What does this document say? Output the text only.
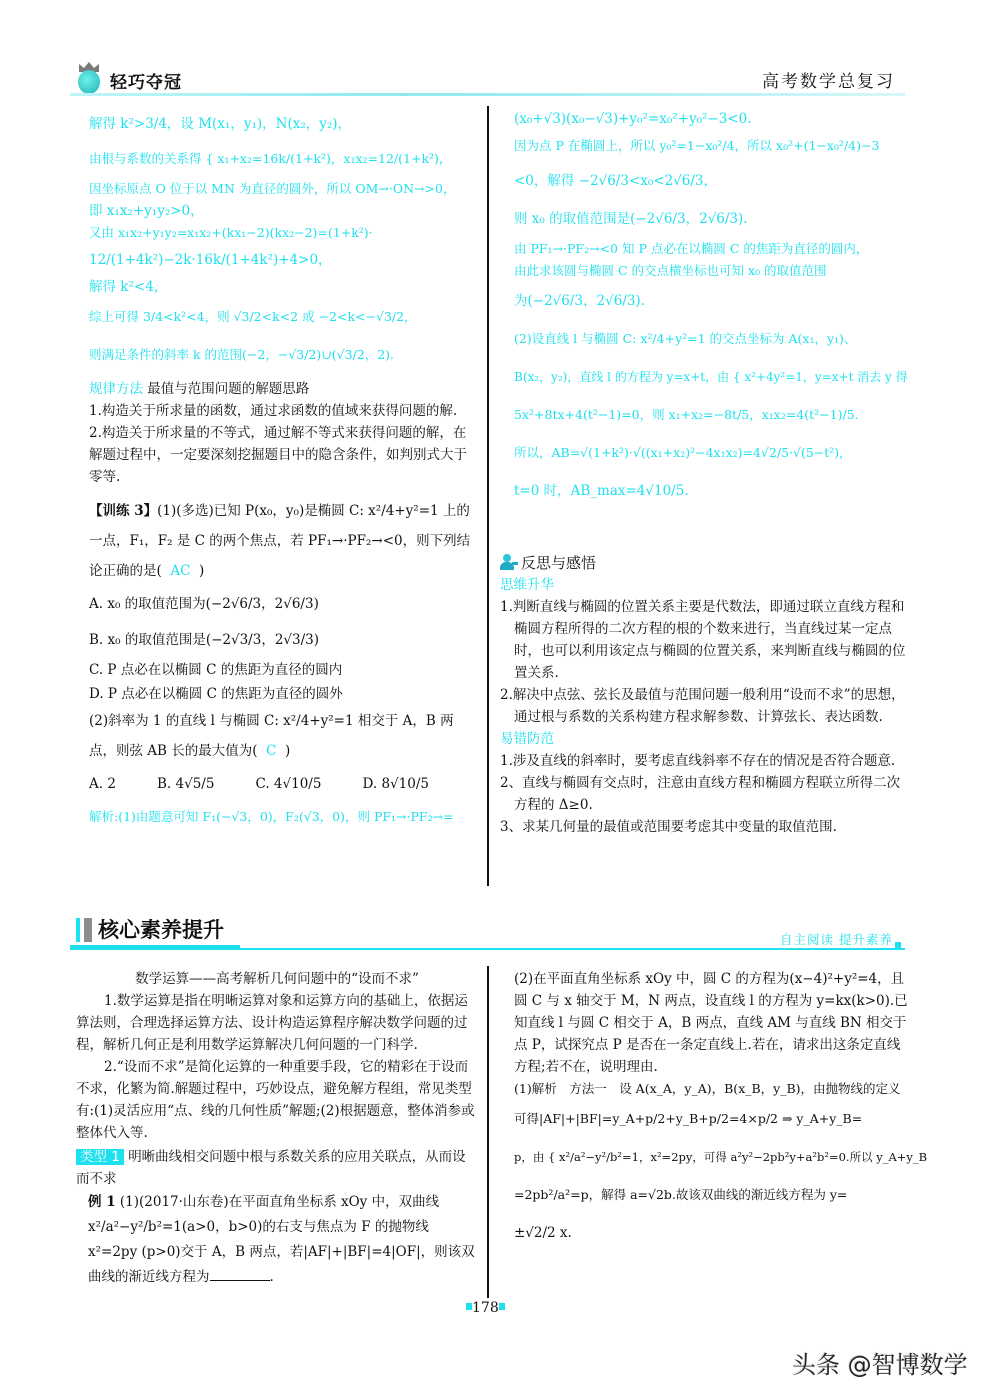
轻巧夺冠	高考数学总复习

解得 k²>3/4，设 M(x₁，y₁)，N(x₂，y₂)，

由根与系数的关系得 { x₁+x₂=16k/(1+k²)，x₁x₂=12/(1+k²)，

因坐标原点 O 位于以 MN 为直径的圆外，所以 OM→·ON→>0，

即 x₁x₂+y₁y₂>0，

又由 x₁x₂+y₁y₂=x₁x₂+(kx₁−2)(kx₂−2)=(1+k²)·

12/(1+4k²)−2k·16k/(1+4k²)+4>0，

解得 k²<4，

综上可得 3/4<k²<4，则 √3/2<k<2 或 −2<k<−√3/2，

则满足条件的斜率 k 的范围(−2，−√3/2)∪(√3/2，2).

规律方法 最值与范围问题的解题思路

1.构造关于所求量的函数，通过求函数的值域来获得问题的解.

2.构造关于所求量的不等式，通过解不等式来获得问题的解，在解题过程中，一定要深刻挖掘题目中的隐含条件，如判别式大于零等.

【训练 3】(1)(多选)已知 P(x₀，y₀)是椭圆 C: x²/4+y²=1 上的一点，F₁，F₂ 是 C 的两个焦点，若 PF₁→·PF₂→<0，则下列结论正确的是( AC  )

A. x₀ 的取值范围为(−2√6/3，2√6/3)

B. x₀ 的取值范围是(−2√3/3，2√3/3)

C. P 点必在以椭圆 C 的焦距为直径的圆内

D. P 点必在以椭圆 C 的焦距为直径的圆外

(2)斜率为 1 的直线 l 与椭圆 C: x²/4+y²=1 相交于 A，B 两点，则弦 AB 长的最大值为( C  )

A. 2	B. 4√5/5	C. 4√10/5	D. 8√10/5

解析:(1)由题意可知 F₁(−√3，0)，F₂(√3，0)，则 PF₁→·PF₂→=

(x₀+√3)(x₀−√3)+y₀²=x₀²+y₀²−3<0.

因为点 P 在椭圆上，所以 y₀²=1−x₀²/4，所以 x₀²+(1−x₀²/4)−3

<0，解得 −2√6/3<x₀<2√6/3，

则 x₀ 的取值范围是(−2√6/3，2√6/3).

由 PF₁→·PF₂→<0 知 P 点必在以椭圆 C 的焦距为直径的圆内，

由此求该圆与椭圆 C 的交点横坐标也可知 x₀ 的取值范围

为(−2√6/3，2√6/3).

(2)设直线 l 与椭圆 C: x²/4+y²=1 的交点坐标为 A(x₁，y₁)、

B(x₂，y₂)，直线 l 的方程为 y=x+t，由 { x²+4y²=1，y=x+t 消去 y 得

5x²+8tx+4(t²−1)=0，则 x₁+x₂=−8t/5，x₁x₂=4(t²−1)/5.

所以，AB=√(1+k²)·√((x₁+x₂)²−4x₁x₂)=4√2/5·√(5−t²)，

t=0 时，AB_max=4√10/5.

反思与感悟

思维升华

1.判断直线与椭圆的位置关系主要是代数法，即通过联立直线方程和椭圆方程所得的二次方程的根的个数来进行，当直线过某一定点时，也可以利用该定点与椭圆的位置关系，来判断直线与椭圆的位置关系.

2.解决中点弦、弦长及最值与范围问题一般利用“设而不求”的思想，通过根与系数的关系构建方程求解参数、计算弦长、表达函数.

易错防范

1.涉及直线的斜率时，要考虑直线斜率不存在的情况是否符合题意.

2、直线与椭圆有交点时，注意由直线方程和椭圆方程联立所得二次方程的 Δ≥0.

3、求某几何量的最值或范围要考虑其中变量的取值范围.

核心素养提升	自主阅读 提升素养

数学运算——高考解析几何问题中的“设而不求”

1.数学运算是指在明晰运算对象和运算方向的基础上，依据运算法则，合理选择运算方法、设计构造运算程序解决数学问题的过程，解析几何正是利用数学运算解决几何问题的一门科学.

2.“设而不求”是简化运算的一种重要手段，它的精彩在于设而不求，化繁为简.解题过程中，巧妙设点，避免解方程组，常见类型有:(1)灵活应用“点、线的几何性质”解题;(2)根据题意，整体消参或整体代入等.

类型 1 明晰曲线相交问题中根与系数关系的应用关联点，从而设而不求

例 1 (1)(2017·山东卷)在平面直角坐标系 xOy 中，双曲线 x²/a²−y²/b²=1(a>0，b>0)的右支与焦点为 F 的抛物线 x²=2py (p>0)交于 A，B 两点，若|AF|+|BF|=4|OF|，则该双曲线的渐近线方程为	.

(2)在平面直角坐标系 xOy 中，圆 C 的方程为(x−4)²+y²=4，且圆 C 与 x 轴交于 M，N 两点，设直线 l 的方程为 y=kx(k>0).已知直线 l 与圆 C 相交于 A，B 两点，直线 AM 与直线 BN 相交于点 P，试探究点 P 是否在一条定直线上.若在，请求出这条定直线方程;若不在，说明理由.

(1)解析　方法一　设 A(x_A，y_A)，B(x_B，y_B)，由抛物线的定义

可得|AF|+|BF|=y_A+p/2+y_B+p/2=4×p/2 ⇒ y_A+y_B=

p，由 { x²/a²−y²/b²=1，x²=2py，可得 a²y²−2pb²y+a²b²=0.所以 y_A+y_B

=2pb²/a²=p，解得 a=√2b.故该双曲线的渐近线方程为 y=

±√2/2 x.

178
头条 @智博数学
